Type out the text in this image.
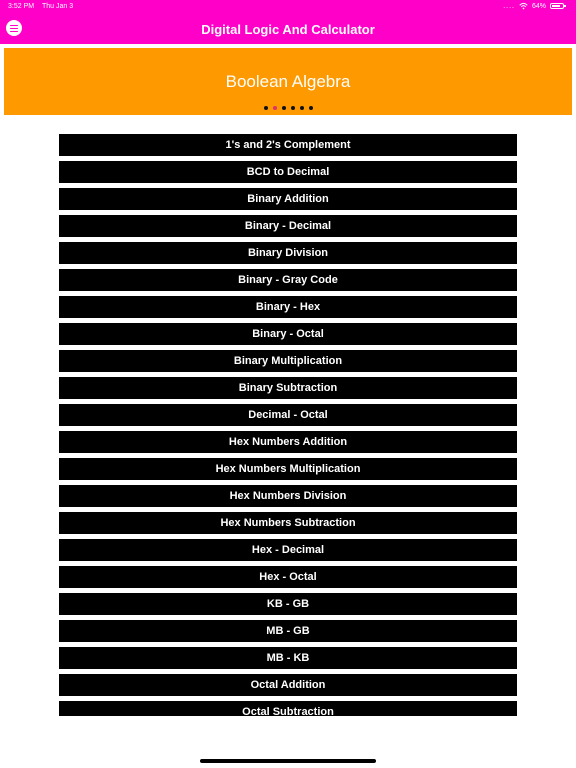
3:52 PM Thu Jan 3	.... 64%
Digital Logic And Calculator
Boolean Algebra
1's and 2's Complement
BCD to Decimal
Binary Addition
Binary - Decimal
Binary Division
Binary - Gray Code
Binary - Hex
Binary - Octal
Binary Multiplication
Binary Subtraction
Decimal - Octal
Hex Numbers Addition
Hex Numbers Multiplication
Hex Numbers Division
Hex Numbers Subtraction
Hex - Decimal
Hex - Octal
KB - GB
MB - GB
MB - KB
Octal Addition
Octal Subtraction
